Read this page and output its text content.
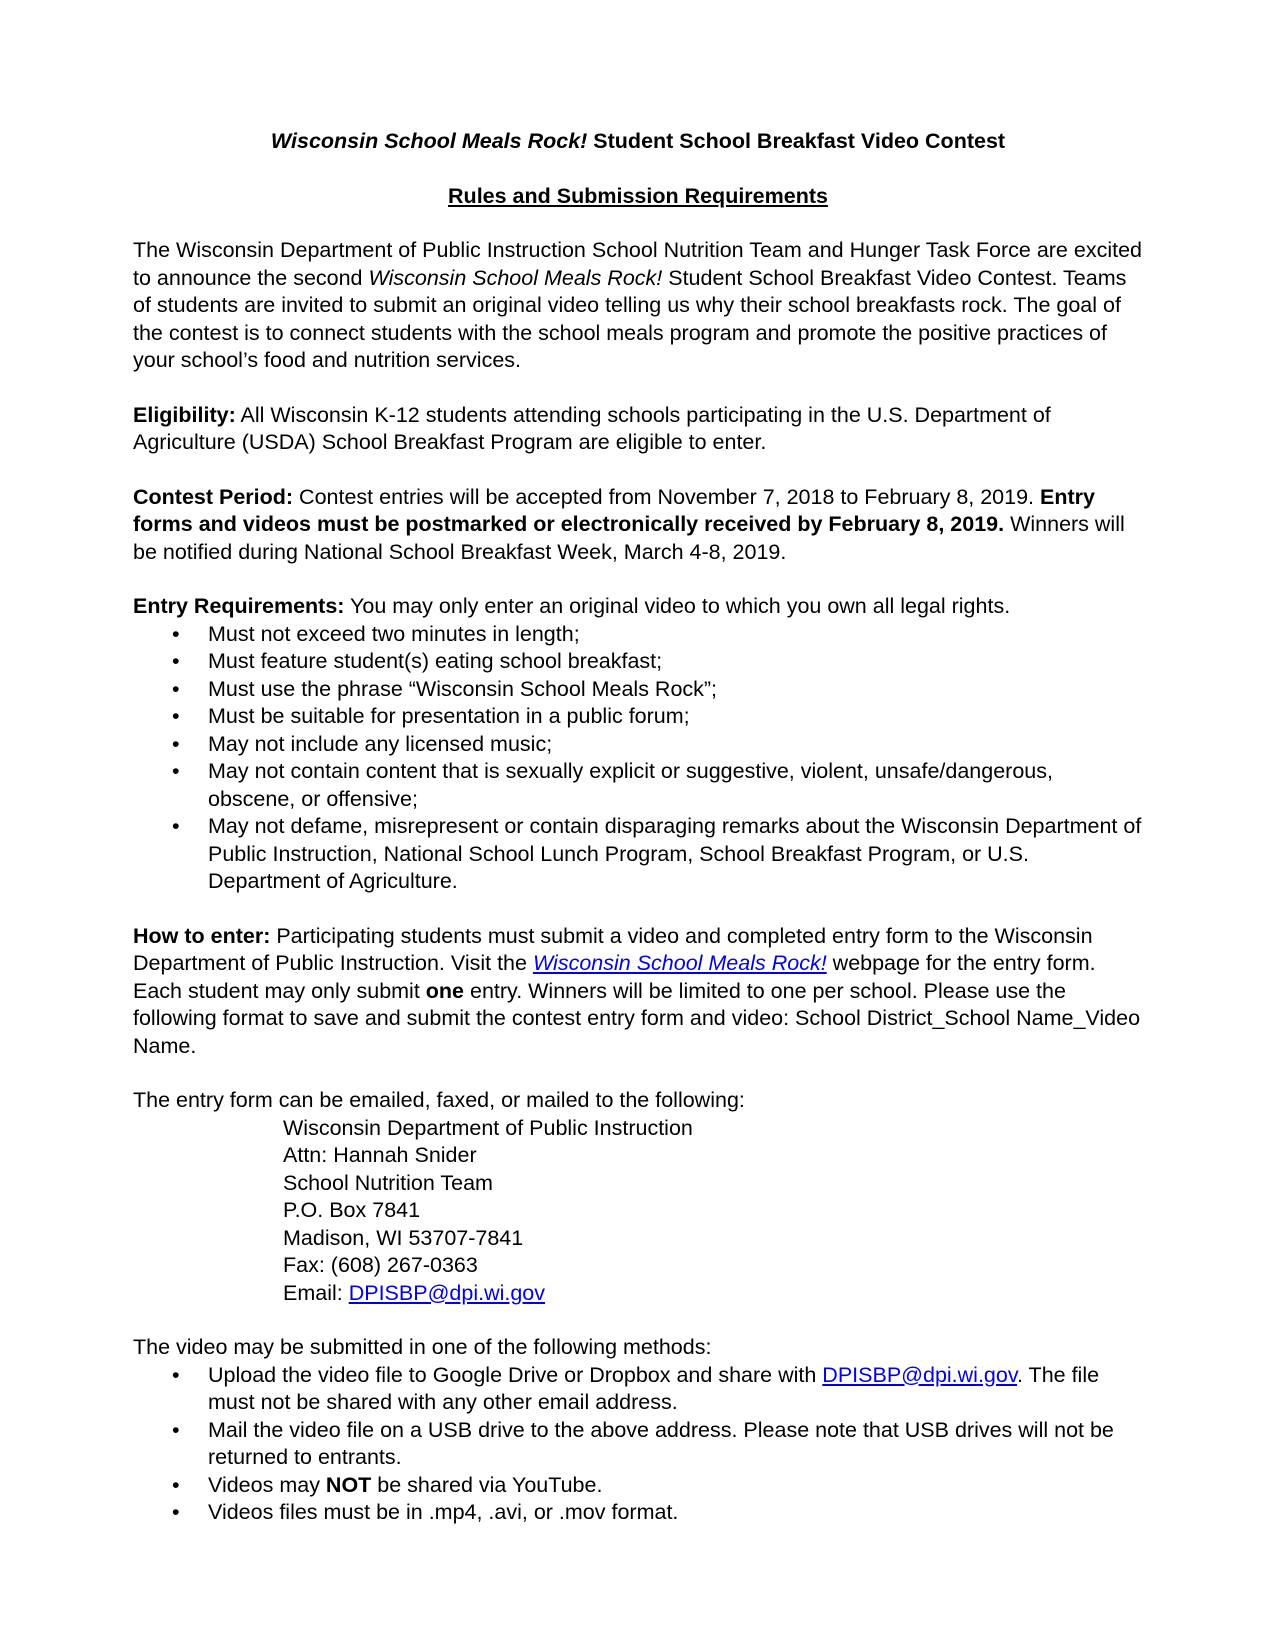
Wisconsin School Meals Rock! Student School Breakfast Video Contest

Rules and Submission Requirements

The Wisconsin Department of Public Instruction School Nutrition Team and Hunger Task Force are excited to announce the second Wisconsin School Meals Rock! Student School Breakfast Video Contest. Teams of students are invited to submit an original video telling us why their school breakfasts rock. The goal of the contest is to connect students with the school meals program and promote the positive practices of your school’s food and nutrition services.

Eligibility: All Wisconsin K-12 students attending schools participating in the U.S. Department of Agriculture (USDA) School Breakfast Program are eligible to enter.

Contest Period: Contest entries will be accepted from November 7, 2018 to February 8, 2019. Entry forms and videos must be postmarked or electronically received by February 8, 2019. Winners will be notified during National School Breakfast Week, March 4-8, 2019.

Entry Requirements: You may only enter an original video to which you own all legal rights.

• Must not exceed two minutes in length;
• Must feature student(s) eating school breakfast;
• Must use the phrase “Wisconsin School Meals Rock”;
• Must be suitable for presentation in a public forum;
• May not include any licensed music;
• May not contain content that is sexually explicit or suggestive, violent, unsafe/dangerous, obscene, or offensive;
• May not defame, misrepresent or contain disparaging remarks about the Wisconsin Department of Public Instruction, National School Lunch Program, School Breakfast Program, or U.S. Department of Agriculture.

How to enter: Participating students must submit a video and completed entry form to the Wisconsin Department of Public Instruction. Visit the Wisconsin School Meals Rock! webpage for the entry form. Each student may only submit one entry. Winners will be limited to one per school. Please use the following format to save and submit the contest entry form and video: School District_School Name_Video Name.

The entry form can be emailed, faxed, or mailed to the following:

Wisconsin Department of Public Instruction
Attn: Hannah Snider
School Nutrition Team
P.O. Box 7841
Madison, WI 53707-7841
Fax: (608) 267-0363
Email: DPISBP@dpi.wi.gov

The video may be submitted in one of the following methods:

• Upload the video file to Google Drive or Dropbox and share with DPISBP@dpi.wi.gov. The file must not be shared with any other email address.
• Mail the video file on a USB drive to the above address. Please note that USB drives will not be returned to entrants.
• Videos may NOT be shared via YouTube.
• Videos files must be in .mp4, .avi, or .mov format.
